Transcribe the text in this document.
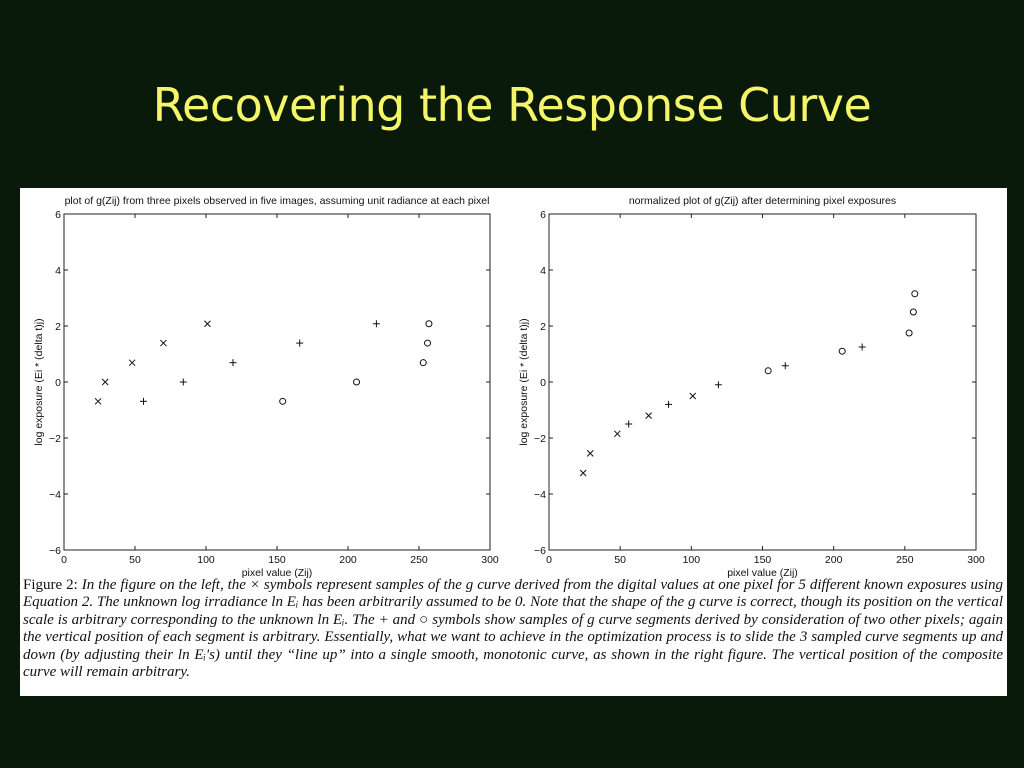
Recovering the Response Curve
plot of g(Zij) from three pixels observed in five images, assuming unit radiance at each pixel
0	50	100	150	200	250	300
−6
−4
−2
0
2
4
6
pixel value (Zij)
log exposure (Ei * (delta t)j)
normalized plot of g(Zij) after determining pixel exposures
0	50	100	150	200	250	300
−6
−4
−2
0
2
4
6
pixel value (Zij)
log exposure (Ei * (delta t)j)
Figure 2: In the figure on the left, the × symbols represent samples of the g curve derived from the digital values at one pixel for 5 different known exposures using Equation 2. The unknown log irradiance ln Eᵢ has been arbitrarily assumed to be 0. Note that the shape of the g curve is correct, though its position on the vertical scale is arbitrary corresponding to the unknown ln Eᵢ. The + and ○ symbols show samples of g curve segments derived by consideration of two other pixels; again the vertical position of each segment is arbitrary. Essentially, what we want to achieve in the optimization process is to slide the 3 sampled curve segments up and down (by adjusting their ln Eᵢ's) until they “line up” into a single smooth, monotonic curve, as shown in the right figure. The vertical position of the composite curve will remain arbitrary.
